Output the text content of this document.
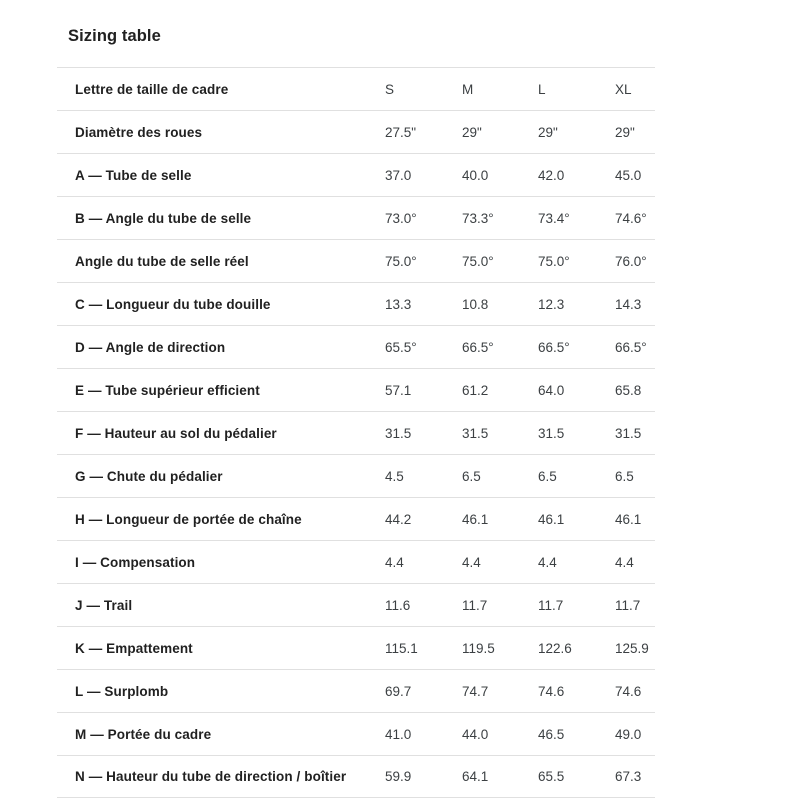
Sizing table
Lettre de taille de cadre	S	M	L	XL
Diamètre des roues	27.5"	29"	29"	29"
A — Tube de selle	37.0	40.0	42.0	45.0
B — Angle du tube de selle	73.0°	73.3°	73.4°	74.6°
Angle du tube de selle réel	75.0°	75.0°	75.0°	76.0°
C — Longueur du tube douille	13.3	10.8	12.3	14.3
D — Angle de direction	65.5°	66.5°	66.5°	66.5°
E — Tube supérieur efficient	57.1	61.2	64.0	65.8
F — Hauteur au sol du pédalier	31.5	31.5	31.5	31.5
G — Chute du pédalier	4.5	6.5	6.5	6.5
H — Longueur de portée de chaîne	44.2	46.1	46.1	46.1
I — Compensation	4.4	4.4	4.4	4.4
J — Trail	11.6	11.7	11.7	11.7
K — Empattement	115.1	119.5	122.6	125.9
L — Surplomb	69.7	74.7	74.6	74.6
M — Portée du cadre	41.0	44.0	46.5	49.0
N — Hauteur du tube de direction / boîtier	59.9	64.1	65.5	67.3
